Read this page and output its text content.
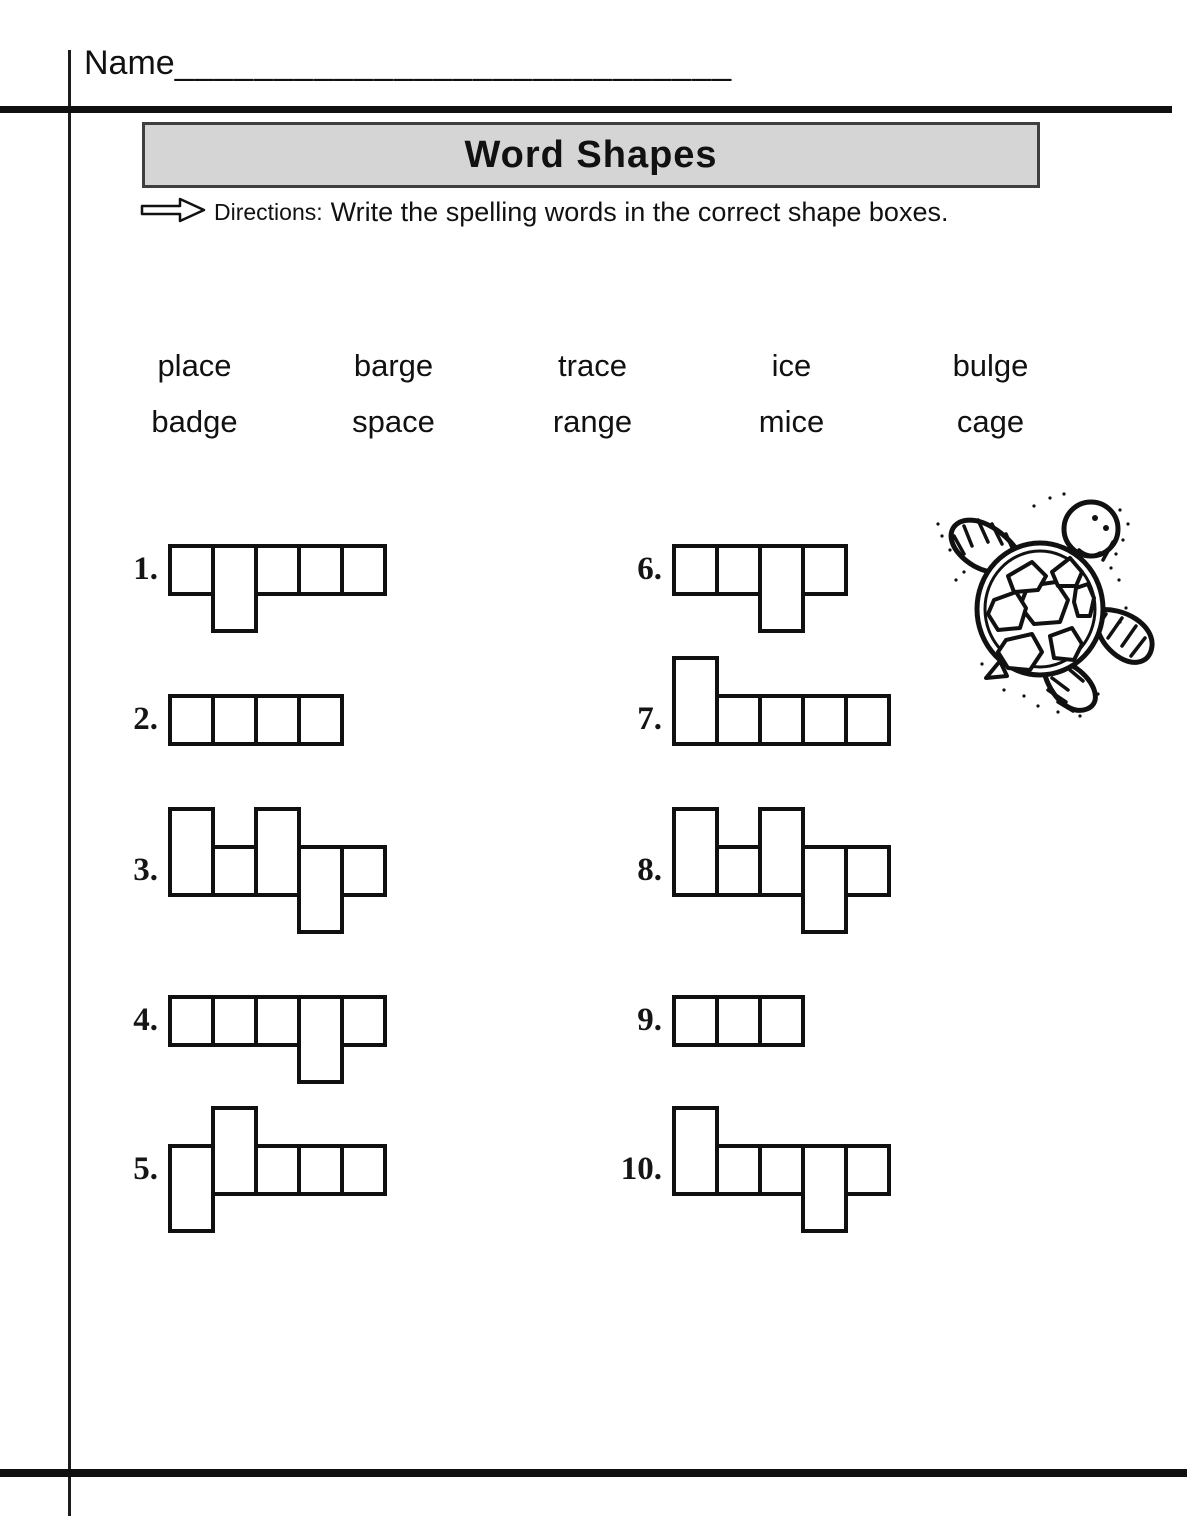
Name____________________________
Word Shapes
Directions: Write the spelling words in the correct shape boxes.
place	barge	trace	ice	bulge
badge	space	range	mice	cage
1.
2.
3.
4.
5.
6.
7.
8.
9.
10.
